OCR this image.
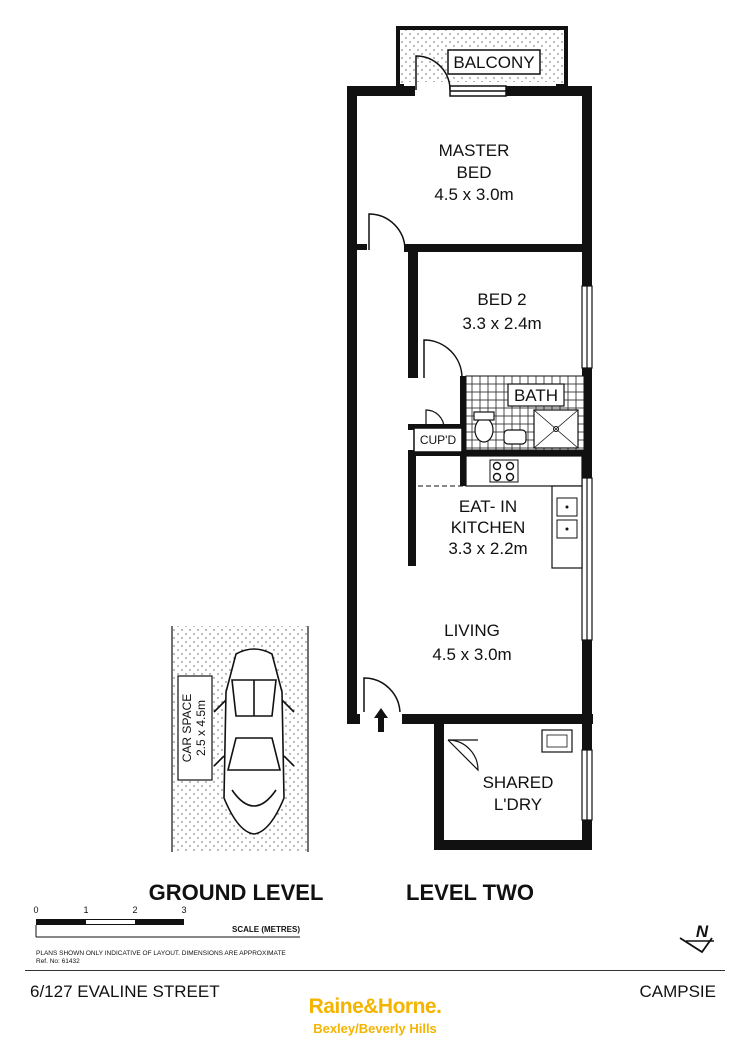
BALCONY
BATH
CUP'D
MASTER
BED
4.5 x 3.0m
BED 2
3.3 x 2.4m
EAT- IN
KITCHEN
3.3 x 2.2m
LIVING
4.5 x 3.0m
SHARED
L'DRY
CAR SPACE 2.5 x 4.5m
GROUND LEVEL	LEVEL TWO
0	1	2	3
SCALE (METRES)
PLANS SHOWN ONLY INDICATIVE OF LAYOUT. DIMENSIONS ARE APPROXIMATE
Ref. No: 61432
N
6/127 EVALINE STREET	CAMPSIE
Raine&Horne.
Bexley/Beverly Hills
